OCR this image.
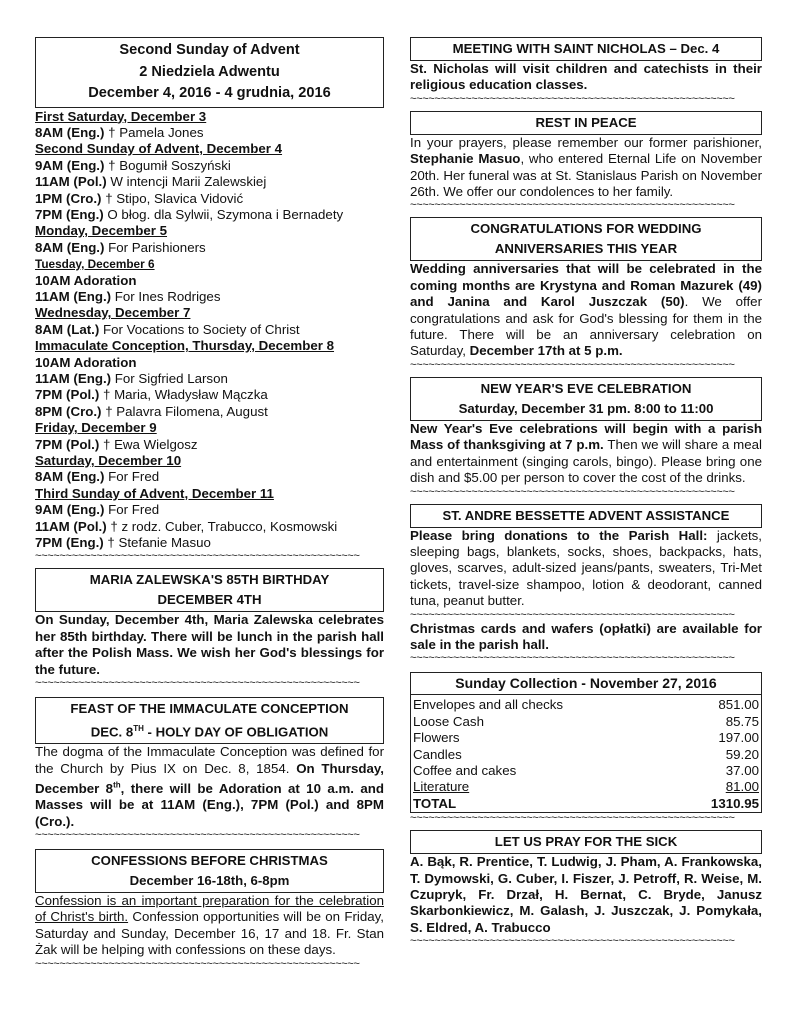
Second Sunday of Advent

2 Niedziela Adwentu

December 4, 2016 - 4 grudnia, 2016

First Saturday, December 3

8AM (Eng.) † Pamela Jones

Second Sunday of Advent, December 4

9AM (Eng.) † Bogumił Soszyński

11AM (Pol.) W intencji Marii Zalewskiej

1PM (Cro.) † Stipo, Slavica Vidović

7PM (Eng.) O błog. dla Sylwii, Szymona i Bernadety

Monday, December 5

8AM (Eng.) For Parishioners

Tuesday, December 6

10AM Adoration

11AM (Eng.) For Ines Rodriges

Wednesday, December 7

8AM (Lat.) For Vocations to Society of Christ

Immaculate Conception, Thursday, December 8

10AM Adoration

11AM (Eng.) For Sigfried Larson

7PM (Pol.) † Maria, Władysław Mączka

8PM (Cro.) † Palavra Filomena, August

Friday, December 9

7PM (Pol.) † Ewa Wielgosz

Saturday, December 10

8AM (Eng.) For Fred

Third Sunday of Advent, December 11

9AM (Eng.) For Fred

11AM (Pol.) † z rodz. Cuber, Trabucco, Kosmowski

7PM (Eng.) † Stefanie Masuo

~~~~~~~~~~~~~~~~~~~~~~~~~~~~~~~~~~~~~~~~~~~~~~~~~~~~~

MARIA ZALEWSKA'S 85TH BIRTHDAY

DECEMBER 4TH

On Sunday, December 4th, Maria Zalewska celebrates her 85th birthday. There will be lunch in the parish hall after the Polish Mass. We wish her God's blessings for the future.

~~~~~~~~~~~~~~~~~~~~~~~~~~~~~~~~~~~~~~~~~~~~~~~~~~~~~

FEAST OF THE IMMACULATE CONCEPTION

DEC. 8TH - HOLY DAY OF OBLIGATION

The dogma of the Immaculate Conception was defined for the Church by Pius IX on Dec. 8, 1854. On Thursday, December 8th, there will be Adoration at 10 a.m. and Masses will be at 11AM (Eng.), 7PM (Pol.) and 8PM (Cro.).

~~~~~~~~~~~~~~~~~~~~~~~~~~~~~~~~~~~~~~~~~~~~~~~~~~~~~

CONFESSIONS BEFORE CHRISTMAS

December 16-18th, 6-8pm

Confession is an important preparation for the celebration of Christ's birth. Confession opportunities will be on Friday, Saturday and Sunday, December 16, 17 and 18. Fr. Stan Żak will be helping with confessions on these days.

~~~~~~~~~~~~~~~~~~~~~~~~~~~~~~~~~~~~~~~~~~~~~~~~~~~~~

MEETING WITH SAINT NICHOLAS – Dec. 4

St. Nicholas will visit children and catechists in their religious education classes.

~~~~~~~~~~~~~~~~~~~~~~~~~~~~~~~~~~~~~~~~~~~~~~~~~~~~~

REST IN PEACE

In your prayers, please remember our former parishioner, Stephanie Masuo, who entered Eternal Life on November 20th. Her funeral was at St. Stanislaus Parish on November 26th. We offer our condolences to her family.

~~~~~~~~~~~~~~~~~~~~~~~~~~~~~~~~~~~~~~~~~~~~~~~~~~~~~

CONGRATULATIONS FOR WEDDING

ANNIVERSARIES THIS YEAR

Wedding anniversaries that will be celebrated in the coming months are Krystyna and Roman Mazurek (49) and Janina and Karol Juszczak (50). We offer congratulations and ask for God's blessing for them in the future. There will be an anniversary celebration on Saturday, December 17th at 5 p.m.

~~~~~~~~~~~~~~~~~~~~~~~~~~~~~~~~~~~~~~~~~~~~~~~~~~~~~

NEW YEAR'S EVE CELEBRATION

Saturday, December 31 pm. 8:00 to 11:00

New Year's Eve celebrations will begin with a parish Mass of thanksgiving at 7 p.m. Then we will share a meal and entertainment (singing carols, bingo). Please bring one dish and $5.00 per person to cover the cost of the drinks.

~~~~~~~~~~~~~~~~~~~~~~~~~~~~~~~~~~~~~~~~~~~~~~~~~~~~~

ST. ANDRE BESSETTE ADVENT ASSISTANCE

Please bring donations to the Parish Hall: jackets, sleeping bags, blankets, socks, shoes, backpacks, hats, gloves, scarves, adult-sized jeans/pants, sweaters, Tri-Met tickets, travel-size shampoo, lotion & deodorant, canned tuna, peanut butter.

~~~~~~~~~~~~~~~~~~~~~~~~~~~~~~~~~~~~~~~~~~~~~~~~~~~~~

Christmas cards and wafers (opłatki) are available for sale in the parish hall.

~~~~~~~~~~~~~~~~~~~~~~~~~~~~~~~~~~~~~~~~~~~~~~~~~~~~~
Sunday Collection - November 27, 2016
Envelopes and all checks	851.00
Loose Cash	85.75
Flowers	197.00
Candles	59.20
Coffee and cakes	37.00
Literature	81.00
TOTAL	1310.95
~~~~~~~~~~~~~~~~~~~~~~~~~~~~~~~~~~~~~~~~~~~~~~~~~~~~~

LET US PRAY FOR THE SICK

A. Bąk, R. Prentice, T. Ludwig, J. Pham, A. Frankowska, T. Dymowski, G. Cuber, I. Fiszer, J. Petroff, R. Weise, M. Czupryk, Fr. Drzał, H. Bernat, C. Bryde, Janusz Skarbonkiewicz, M. Galash, J. Juszczak, J. Pomykała, S. Eldred, A. Trabucco

~~~~~~~~~~~~~~~~~~~~~~~~~~~~~~~~~~~~~~~~~~~~~~~~~~~~~
